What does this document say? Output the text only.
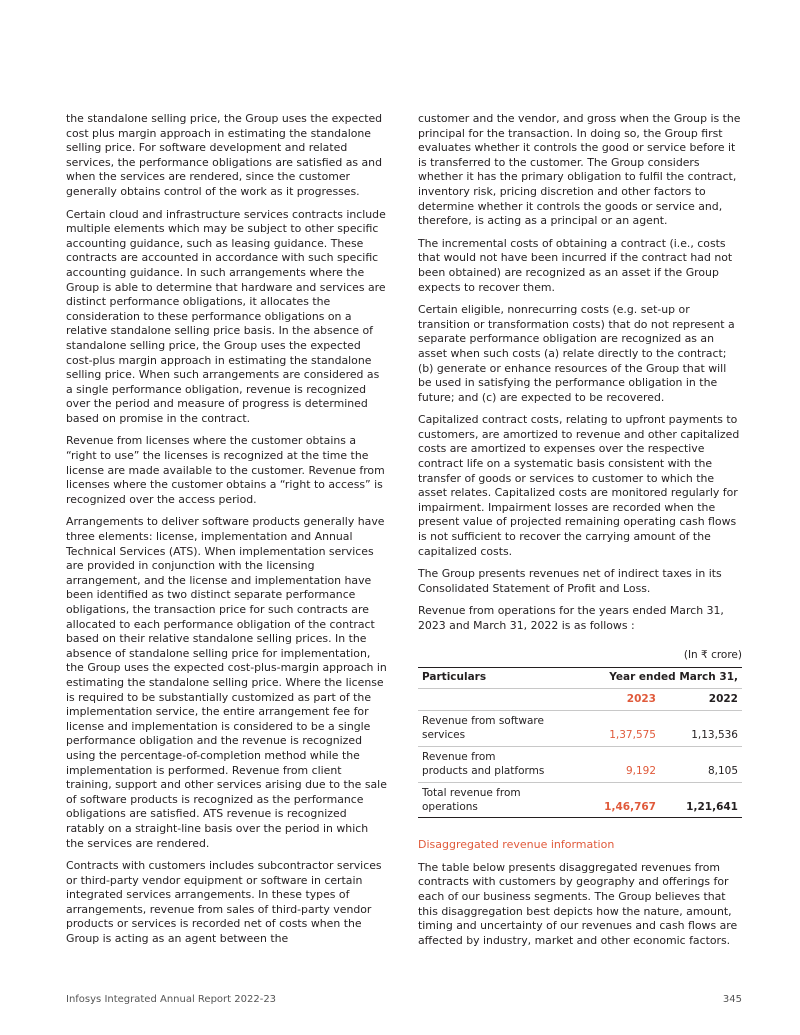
the standalone selling price, the Group uses the expected cost plus margin approach in estimating the standalone selling price. For software development and related services, the performance obligations are satisfied as and when the services are rendered, since the customer generally obtains control of the work as it progresses.

Certain cloud and infrastructure services contracts include multiple elements which may be subject to other specific accounting guidance, such as leasing guidance. These contracts are accounted in accordance with such specific accounting guidance. In such arrangements where the Group is able to determine that hardware and services are distinct performance obligations, it allocates the consideration to these performance obligations on a relative standalone selling price basis. In the absence of standalone selling price, the Group uses the expected cost-plus margin approach in estimating the standalone selling price. When such arrangements are considered as a single performance obligation, revenue is recognized over the period and measure of progress is determined based on promise in the contract.

Revenue from licenses where the customer obtains a “right to use” the licenses is recognized at the time the license are made available to the customer. Revenue from licenses where the customer obtains a “right to access” is recognized over the access period.

Arrangements to deliver software products generally have three elements: license, implementation and Annual Technical Services (ATS). When implementation services are provided in conjunction with the licensing arrangement, and the license and implementation have been identified as two distinct separate performance obligations, the transaction price for such contracts are allocated to each performance obligation of the contract based on their relative standalone selling prices. In the absence of standalone selling price for implementation, the Group uses the expected cost-plus-margin approach in estimating the standalone selling price. Where the license is required to be substantially customized as part of the implementation service, the entire arrangement fee for license and implementation is considered to be a single performance obligation and the revenue is recognized using the percentage-of-completion method while the implementation is performed. Revenue from client training, support and other services arising due to the sale of software products is recognized as the performance obligations are satisfied. ATS revenue is recognized ratably on a straight-line basis over the period in which the services are rendered.

Contracts with customers includes subcontractor services or third-party vendor equipment or software in certain integrated services arrangements. In these types of arrangements, revenue from sales of third-party vendor products or services is recorded net of costs when the Group is acting as an agent between the

customer and the vendor, and gross when the Group is the principal for the transaction. In doing so, the Group first evaluates whether it controls the good or service before it is transferred to the customer. The Group considers whether it has the primary obligation to fulfil the contract, inventory risk, pricing discretion and other factors to determine whether it controls the goods or service and, therefore, is acting as a principal or an agent.

The incremental costs of obtaining a contract (i.e., costs that would not have been incurred if the contract had not been obtained) are recognized as an asset if the Group expects to recover them.

Certain eligible, nonrecurring costs (e.g. set-up or transition or transformation costs) that do not represent a separate performance obligation are recognized as an asset when such costs (a) relate directly to the contract; (b) generate or enhance resources of the Group that will be used in satisfying the performance obligation in the future; and (c) are expected to be recovered.

Capitalized contract costs, relating to upfront payments to customers, are amortized to revenue and other capitalized costs are amortized to expenses over the respective contract life on a systematic basis consistent with the transfer of goods or services to customer to which the asset relates. Capitalized costs are monitored regularly for impairment. Impairment losses are recorded when the present value of projected remaining operating cash flows is not sufficient to recover the carrying amount of the capitalized costs.

The Group presents revenues net of indirect taxes in its Consolidated Statement of Profit and Loss.

Revenue from operations for the years ended March 31, 2023 and March 31, 2022 is as follows :

(In ₹ crore)
Particulars	Year ended March 31,	
	2023	2022
Revenue from software services	1,37,575	1,13,536

Revenue from
products and platforms	9,192	8,105
Total revenue from operations	1,46,767	1,21,641
Disaggregated revenue information

The table below presents disaggregated revenues from contracts with customers by geography and offerings for each of our business segments. The Group believes that this disaggregation best depicts how the nature, amount, timing and uncertainty of our revenues and cash flows are affected by industry, market and other economic factors.

Infosys Integrated Annual Report 2022-23	345
